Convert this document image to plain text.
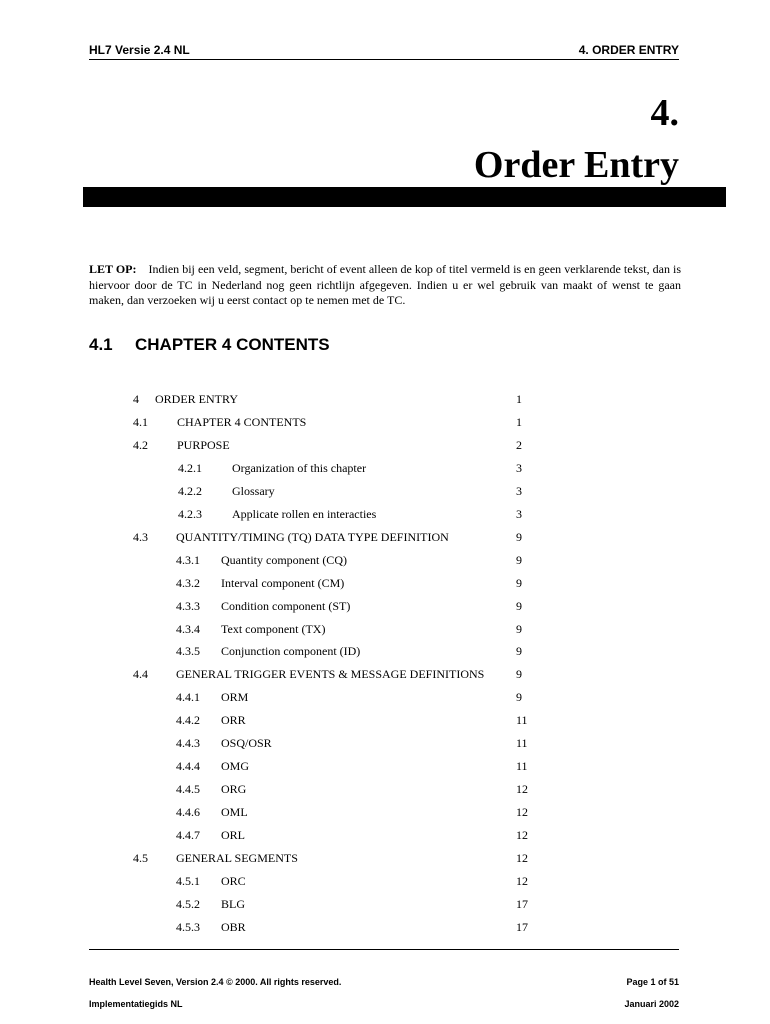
HL7 Versie 2.4 NL	4. ORDER ENTRY
4.
Order Entry
LET OP: Indien bij een veld, segment, bericht of event alleen de kop of titel vermeld is en geen verklarende tekst, dan is hiervoor door de TC in Nederland nog geen richtlijn afgegeven. Indien u er wel gebruik van maakt of wenst te gaan maken, dan verzoeken wij u eerst contact op te nemen met de TC.
4.1 CHAPTER 4 CONTENTS
4 ORDER ENTRY	1
4.1 CHAPTER 4 CONTENTS	1
4.2 PURPOSE	2
4.2.1	Organization of this chapter	3
4.2.2	Glossary	3
4.2.3	Applicate rollen en interacties	3
4.3 QUANTITY/TIMING (TQ) DATA TYPE DEFINITION	9
4.3.1 Quantity component (CQ)	9
4.3.2 Interval component (CM)	9
4.3.3 Condition component (ST)	9
4.3.4 Text component (TX)	9
4.3.5 Conjunction component (ID)	9
4.4 GENERAL TRIGGER EVENTS & MESSAGE DEFINITIONS	9
4.4.1 ORM	9
4.4.2 ORR	11
4.4.3 OSQ/OSR	11
4.4.4 OMG	11
4.4.5 ORG	12
4.4.6 OML	12
4.4.7 ORL	12
4.5 GENERAL SEGMENTS	12
4.5.1 ORC	12
4.5.2 BLG	17
4.5.3 OBR	17
Health Level Seven, Version 2.4 © 2000. All rights reserved.	Page 1 of 51
Implementatiegids NL	Januari 2002
